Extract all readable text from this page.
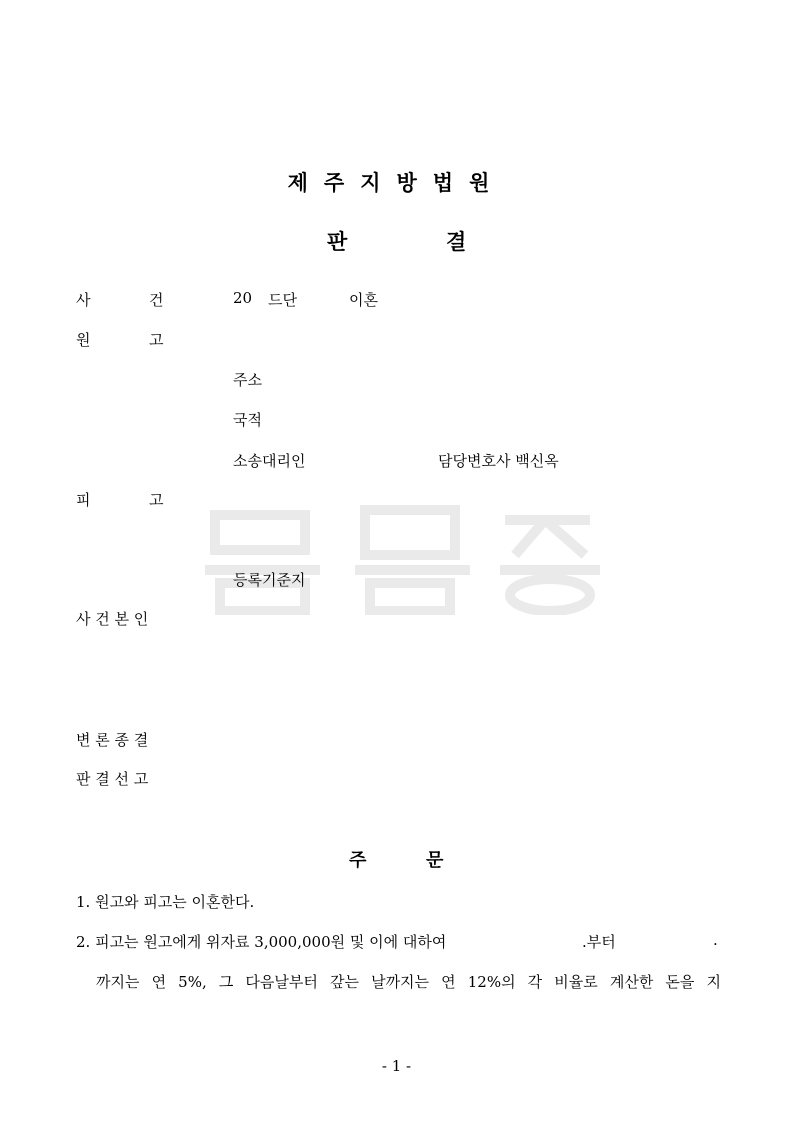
제주지방법원
판	결
사	건	20 드단	이혼
원	고
주소
국적
소송대리인	담당변호사 백신옥
피	고
등록기준지
사 건 본 인
변 론 종 결
판 결 선 고
주	문
1. 원고와 피고는 이혼한다.
2. 피고는 원고에게 위자료 3,000,000원 및 이에 대하여	.부터	.
까지는 연 5%, 그 다음날부터 갚는 날까지는 연 12%의 각 비율로 계산한 돈을 지
- 1 -
